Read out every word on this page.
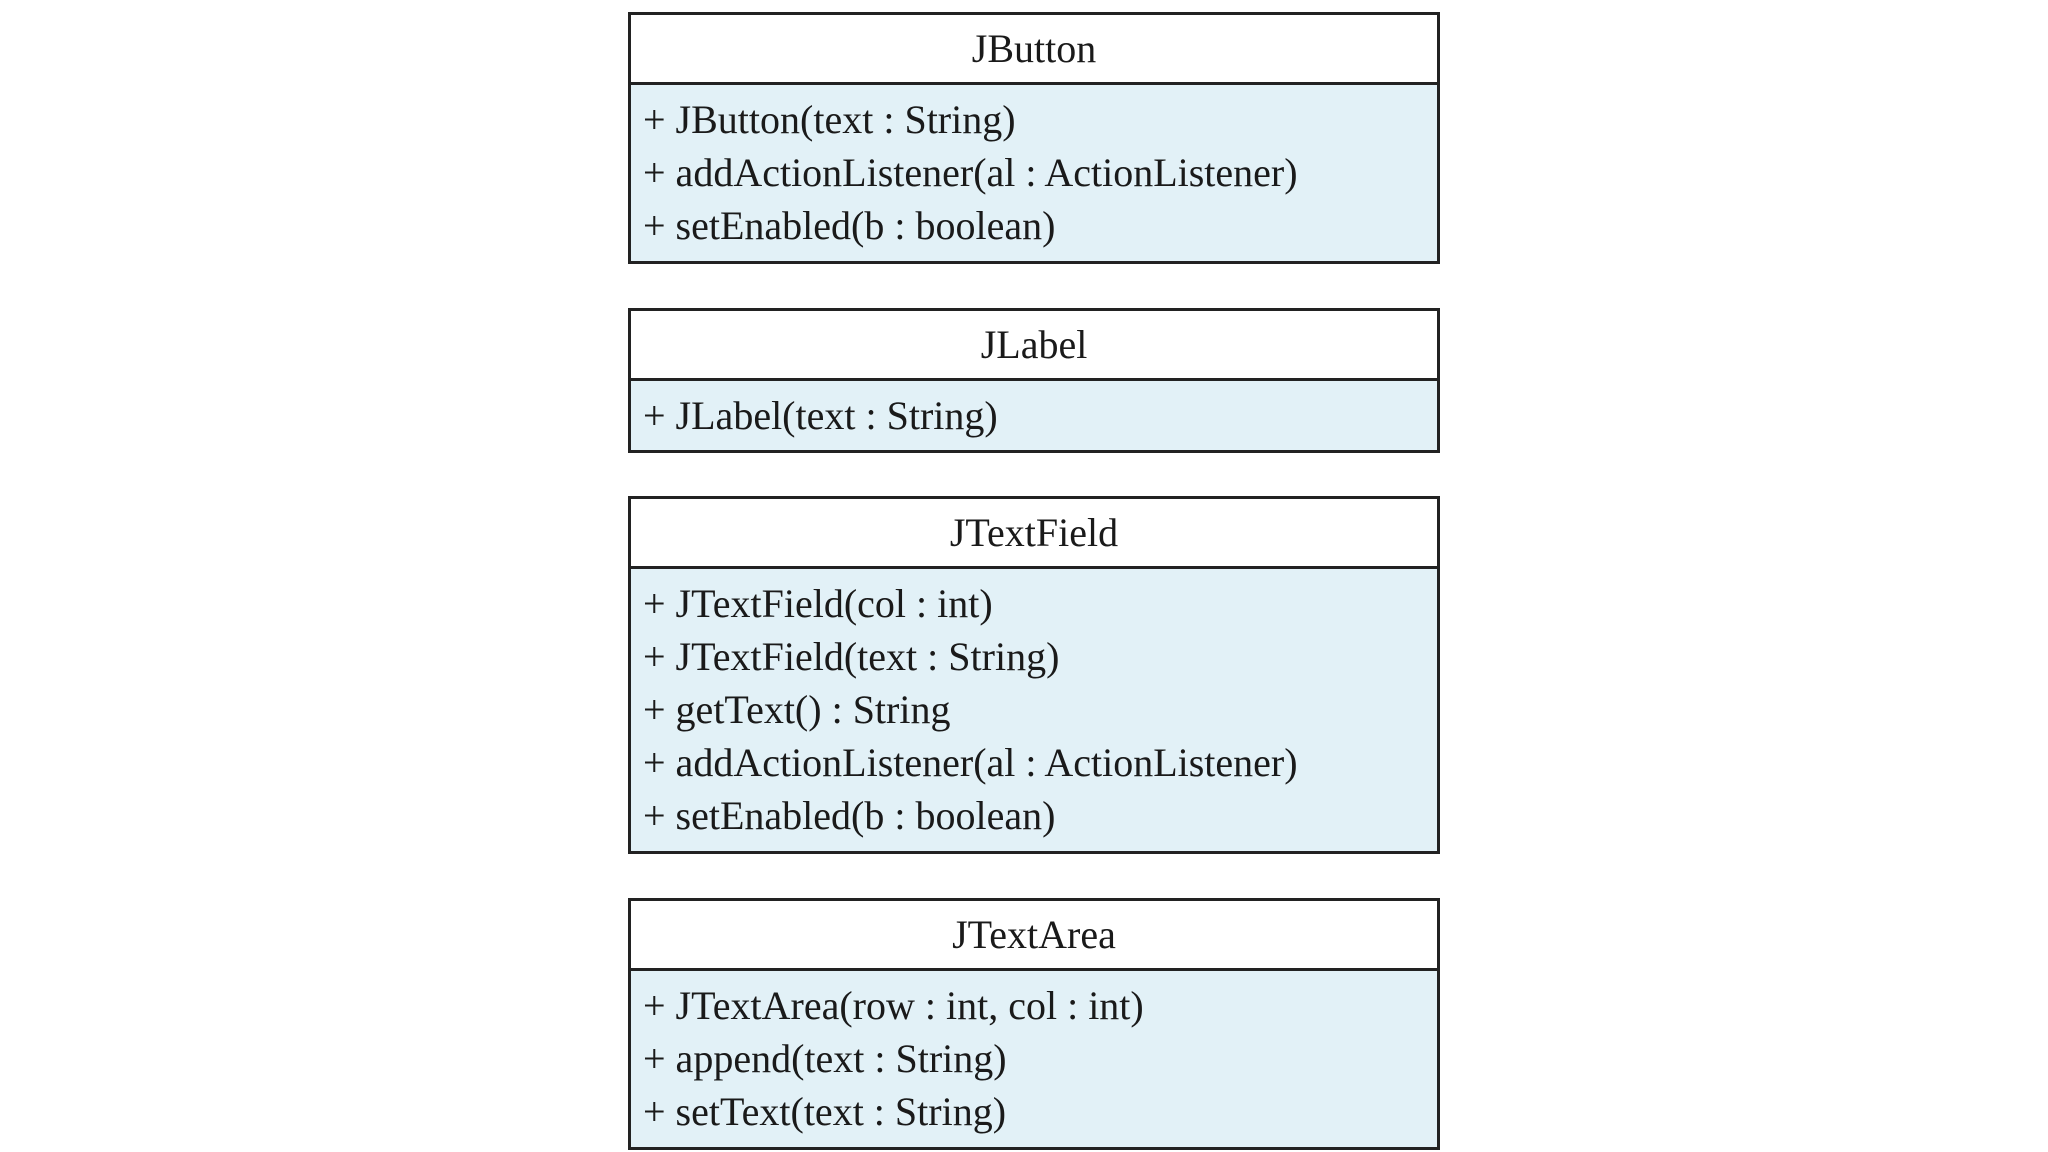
JButton
+ JButton(text : String)
+ addActionListener(al : ActionListener)
+ setEnabled(b : boolean)
JLabel
+ JLabel(text : String)
JTextField
+ JTextField(col : int)
+ JTextField(text : String)
+ getText() : String
+ addActionListener(al : ActionListener)
+ setEnabled(b : boolean)
JTextArea
+ JTextArea(row : int, col : int)
+ append(text : String)
+ setText(text : String)
